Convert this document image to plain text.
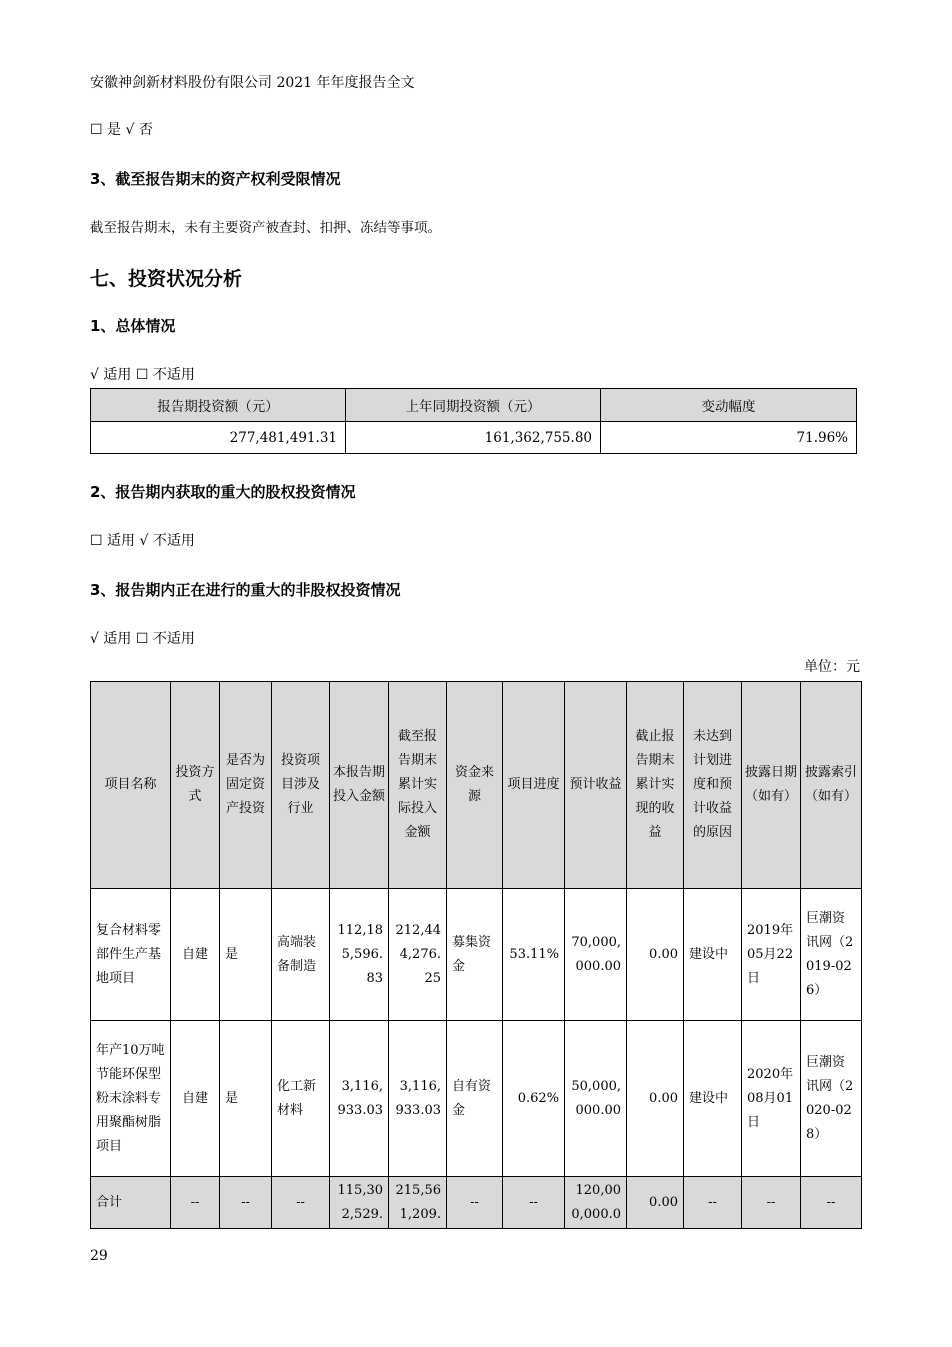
安徽神剑新材料股份有限公司 2021 年年度报告全文
☐ 是 √ 否
3、截至报告期末的资产权利受限情况
截至报告期末，未有主要资产被查封、扣押、冻结等事项。
七、投资状况分析
1、总体情况
√ 适用 ☐ 不适用
报告期投资额（元）	上年同期投资额（元）	变动幅度
277,481,491.31	161,362,755.80	71.96%
2、报告期内获取的重大的股权投资情况
☐ 适用 √ 不适用
3、报告期内正在进行的重大的非股权投资情况
√ 适用 ☐ 不适用
单位：元
项目名称	投资方式	是否为固定资产投资	投资项目涉及行业	本报告期投入金额	截至报告期末累计实际投入金额	资金来源	项目进度	预计收益	截止报告期末累计实现的收益	未达到计划进度和预计收益的原因	披露日期（如有）	披露索引（如有）
复合材料零部件生产基地项目	自建	是	高端装备制造	112,185,596.83	212,444,276.25	募集资金	53.11%	70,000,000.00	0.00	建设中	2019年05月22日	巨潮资讯网（2019-026）
年产10万吨节能环保型粉末涂料专用聚酯树脂项目	自建	是	化工新材料	3,116,933.03	3,116,933.03	自有资金	0.62%	50,000,000.00	0.00	建设中	2020年08月01日	巨潮资讯网（2020-028）
合计	--	--	--	115,302,529.	215,561,209.	--	--	120,000,000.0	0.00	--	--	--
29
